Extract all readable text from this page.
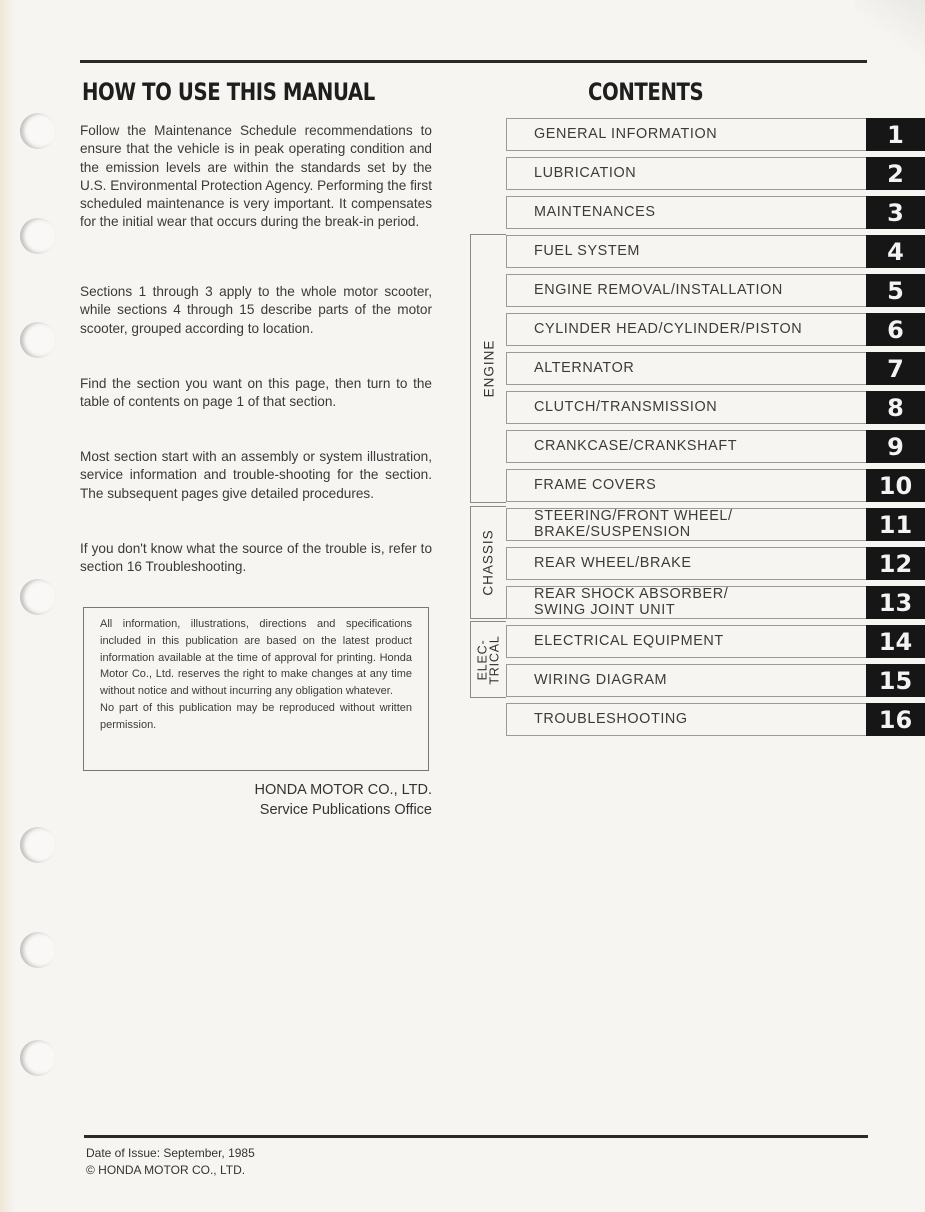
HOW TO USE THIS MANUAL	CONTENTS

Follow the Maintenance Schedule recommendations to ensure that the vehicle is in peak operating condition and the emission levels are within the standards set by the U.S. Environmental Protection Agency. Performing the first scheduled maintenance is very important. It compensates for the initial wear that occurs during the break-in period.

Sections 1 through 3 apply to the whole motor scooter, while sections 4 through 15 describe parts of the motor scooter, grouped according to location.

Find the section you want on this page, then turn to the table of contents on page 1 of that section.

Most section start with an assembly or system illustration, service information and trouble-shooting for the section. The subsequent pages give detailed procedures.

If you don't know what the source of the trouble is, refer to section 16 Troubleshooting.

All information, illustrations, directions and specifications included in this publication are based on the latest product information available at the time of approval for printing. Honda Motor Co., Ltd. reserves the right to make changes at any time without notice and without incurring any obligation whatever.

No part of this publication may be reproduced without written permission.

HONDA MOTOR CO., LTD.
Service Publications Office
ENGINE
CHASSIS
ELEC-
TRICAL
GENERAL INFORMATION	1
LUBRICATION	2
MAINTENANCES	3
FUEL SYSTEM	4
ENGINE REMOVAL/INSTALLATION	5
CYLINDER HEAD/CYLINDER/PISTON	6
ALTERNATOR	7
CLUTCH/TRANSMISSION	8
CRANKCASE/CRANKSHAFT	9
FRAME COVERS	10
STEERING/FRONT WHEEL/
BRAKE/SUSPENSION	11
REAR WHEEL/BRAKE	12
REAR SHOCK ABSORBER/
SWING JOINT UNIT	13
ELECTRICAL EQUIPMENT	14
WIRING DIAGRAM	15
TROUBLESHOOTING	16
Date of Issue: September, 1985
© HONDA MOTOR CO., LTD.
